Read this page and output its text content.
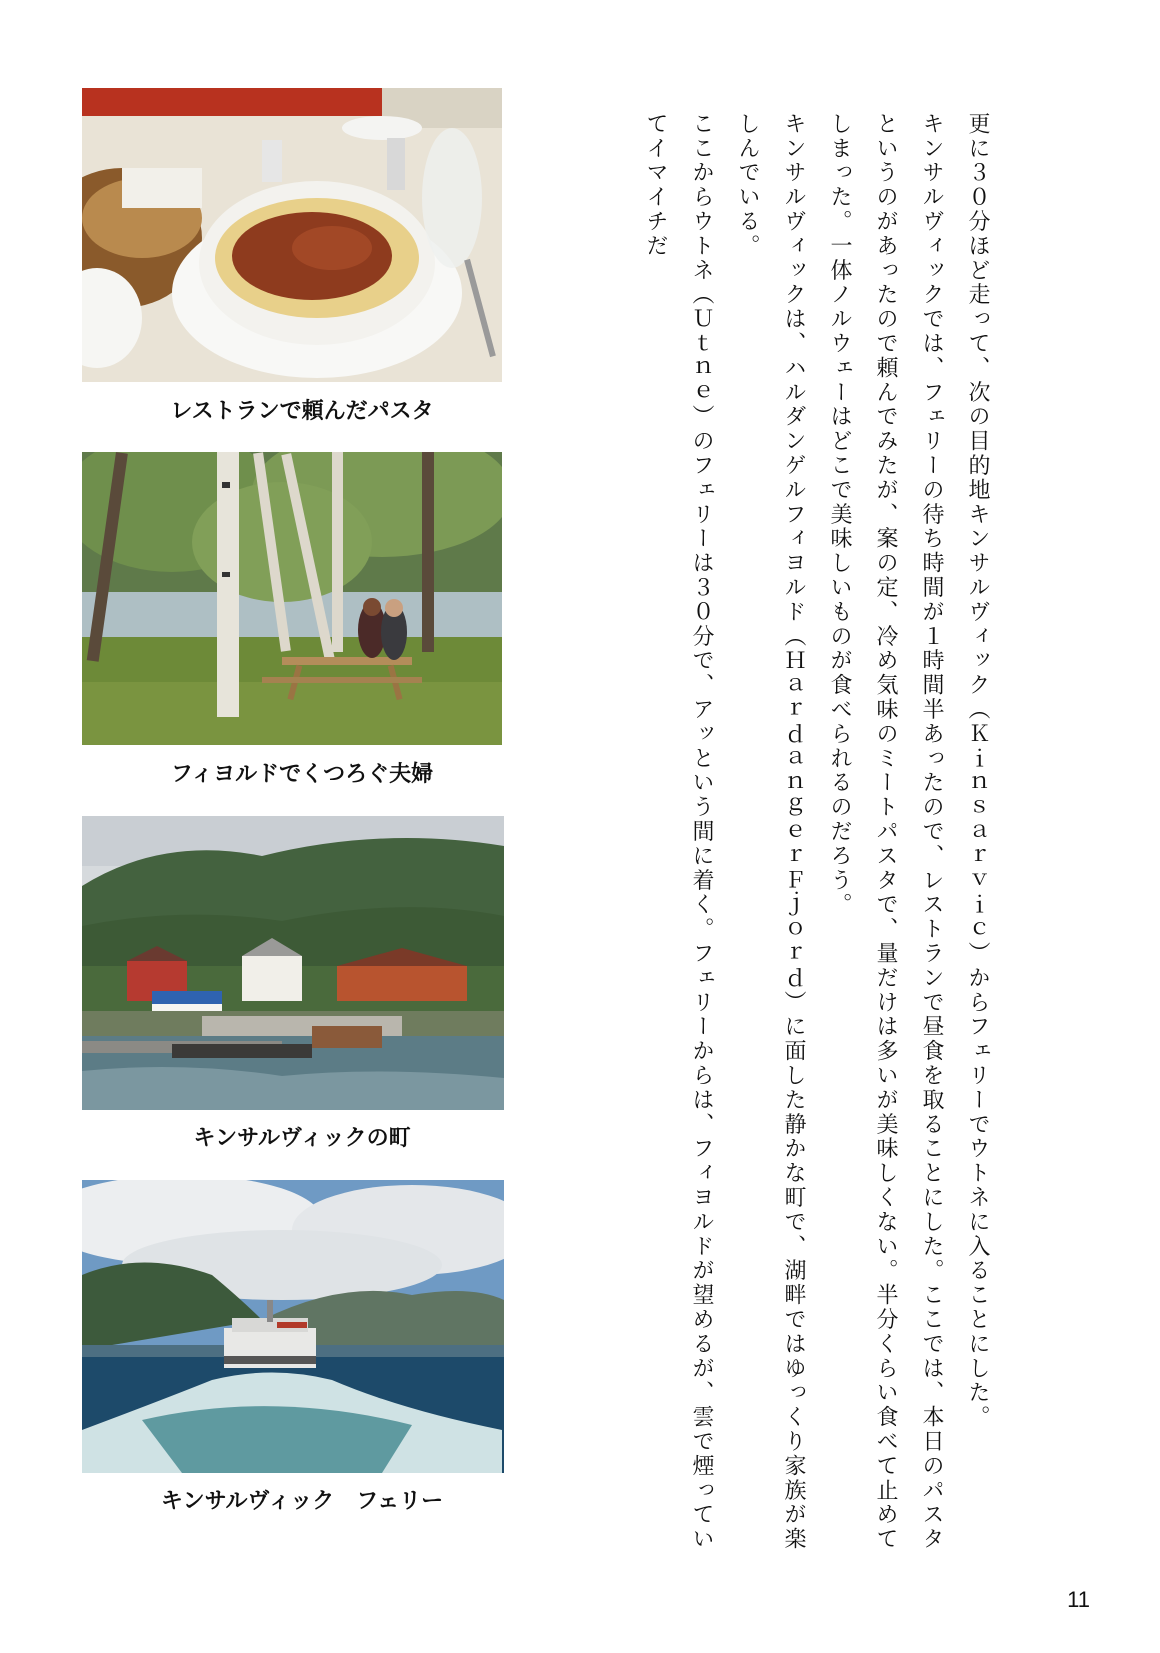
レストランで頼んだパスタ
フィヨルドでくつろぐ夫婦
キンサルヴィックの町
キンサルヴィック　フェリー

更に３０分ほど走って、次の目的地キンサルヴィック（Ｋｉｎｓａｒｖｉｃ）からフェリーでウトネに入ることにした。

キンサルヴィックでは、フェリーの待ち時間が１時間半あったので、レストランで昼食を取ることにした。ここでは、本日のパスタというのがあったので頼んでみたが、案の定、冷め気味のミートパスタで、量だけは多いが美味しくない。半分くらい食べて止めてしまった。一体ノルウェーはどこで美味しいものが食べられるのだろう。

キンサルヴィックは、ハルダンゲルフィヨルド（ＨａｒｄａｎｇｅｒＦｊｏｒｄ）に面した静かな町で、湖畔ではゆっくり家族が楽しんでいる。

ここからウトネ（Ｕｔｎｅ）のフェリーは３０分で、アッという間に着く。フェリーからは、フィヨルドが望めるが、雲で煙っていてイマイチだ

11
